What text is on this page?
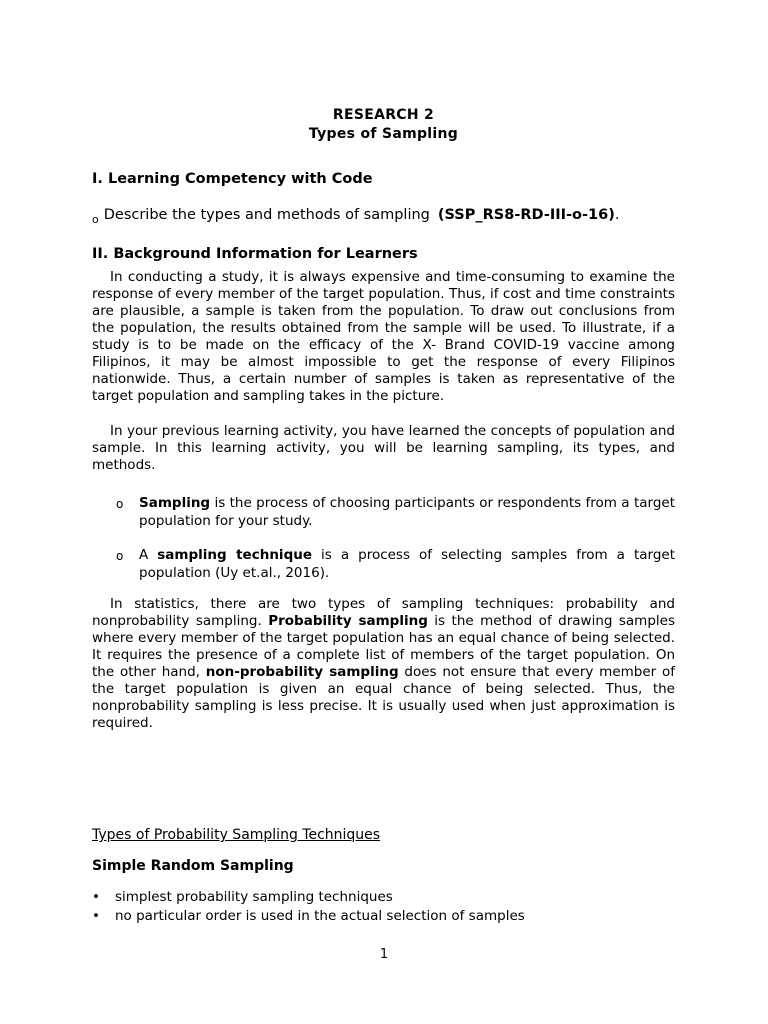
RESEARCH 2
Types of Sampling
I. Learning Competency with Code
$_o$ Describe the types and methods of sampling (SSP_RS8-RD-III-o-16).
II. Background Information for Learners

In conducting a study, it is always expensive and time-consuming to examine the response of every member of the target population. Thus, if cost and time constraints are plausible, a sample is taken from the population. To draw out conclusions from the population, the results obtained from the sample will be used. To illustrate, if a study is to be made on the efficacy of the X- Brand COVID-19 vaccine among Filipinos, it may be almost impossible to get the response of every Filipinos nationwide. Thus, a certain number of samples is taken as representative of the target population and sampling takes in the picture.

In your previous learning activity, you have learned the concepts of population and sample. In this learning activity, you will be learning sampling, its types, and methods.

o Sampling is the process of choosing participants or respondents from a target population for your study.
o A sampling technique is a process of selecting samples from a target population (Uy et.al., 2016).

In statistics, there are two types of sampling techniques: probability and nonprobability sampling. Probability sampling is the method of drawing samples where every member of the target population has an equal chance of being selected. It requires the presence of a complete list of members of the target population. On the other hand, non-probability sampling does not ensure that every member of the target population is given an equal chance of being selected. Thus, the nonprobability sampling is less precise. It is usually used when just approximation is required.

Types of Probability Sampling Techniques
Simple Random Sampling
• simplest probability sampling techniques
• no particular order is used in the actual selection of samples
1
